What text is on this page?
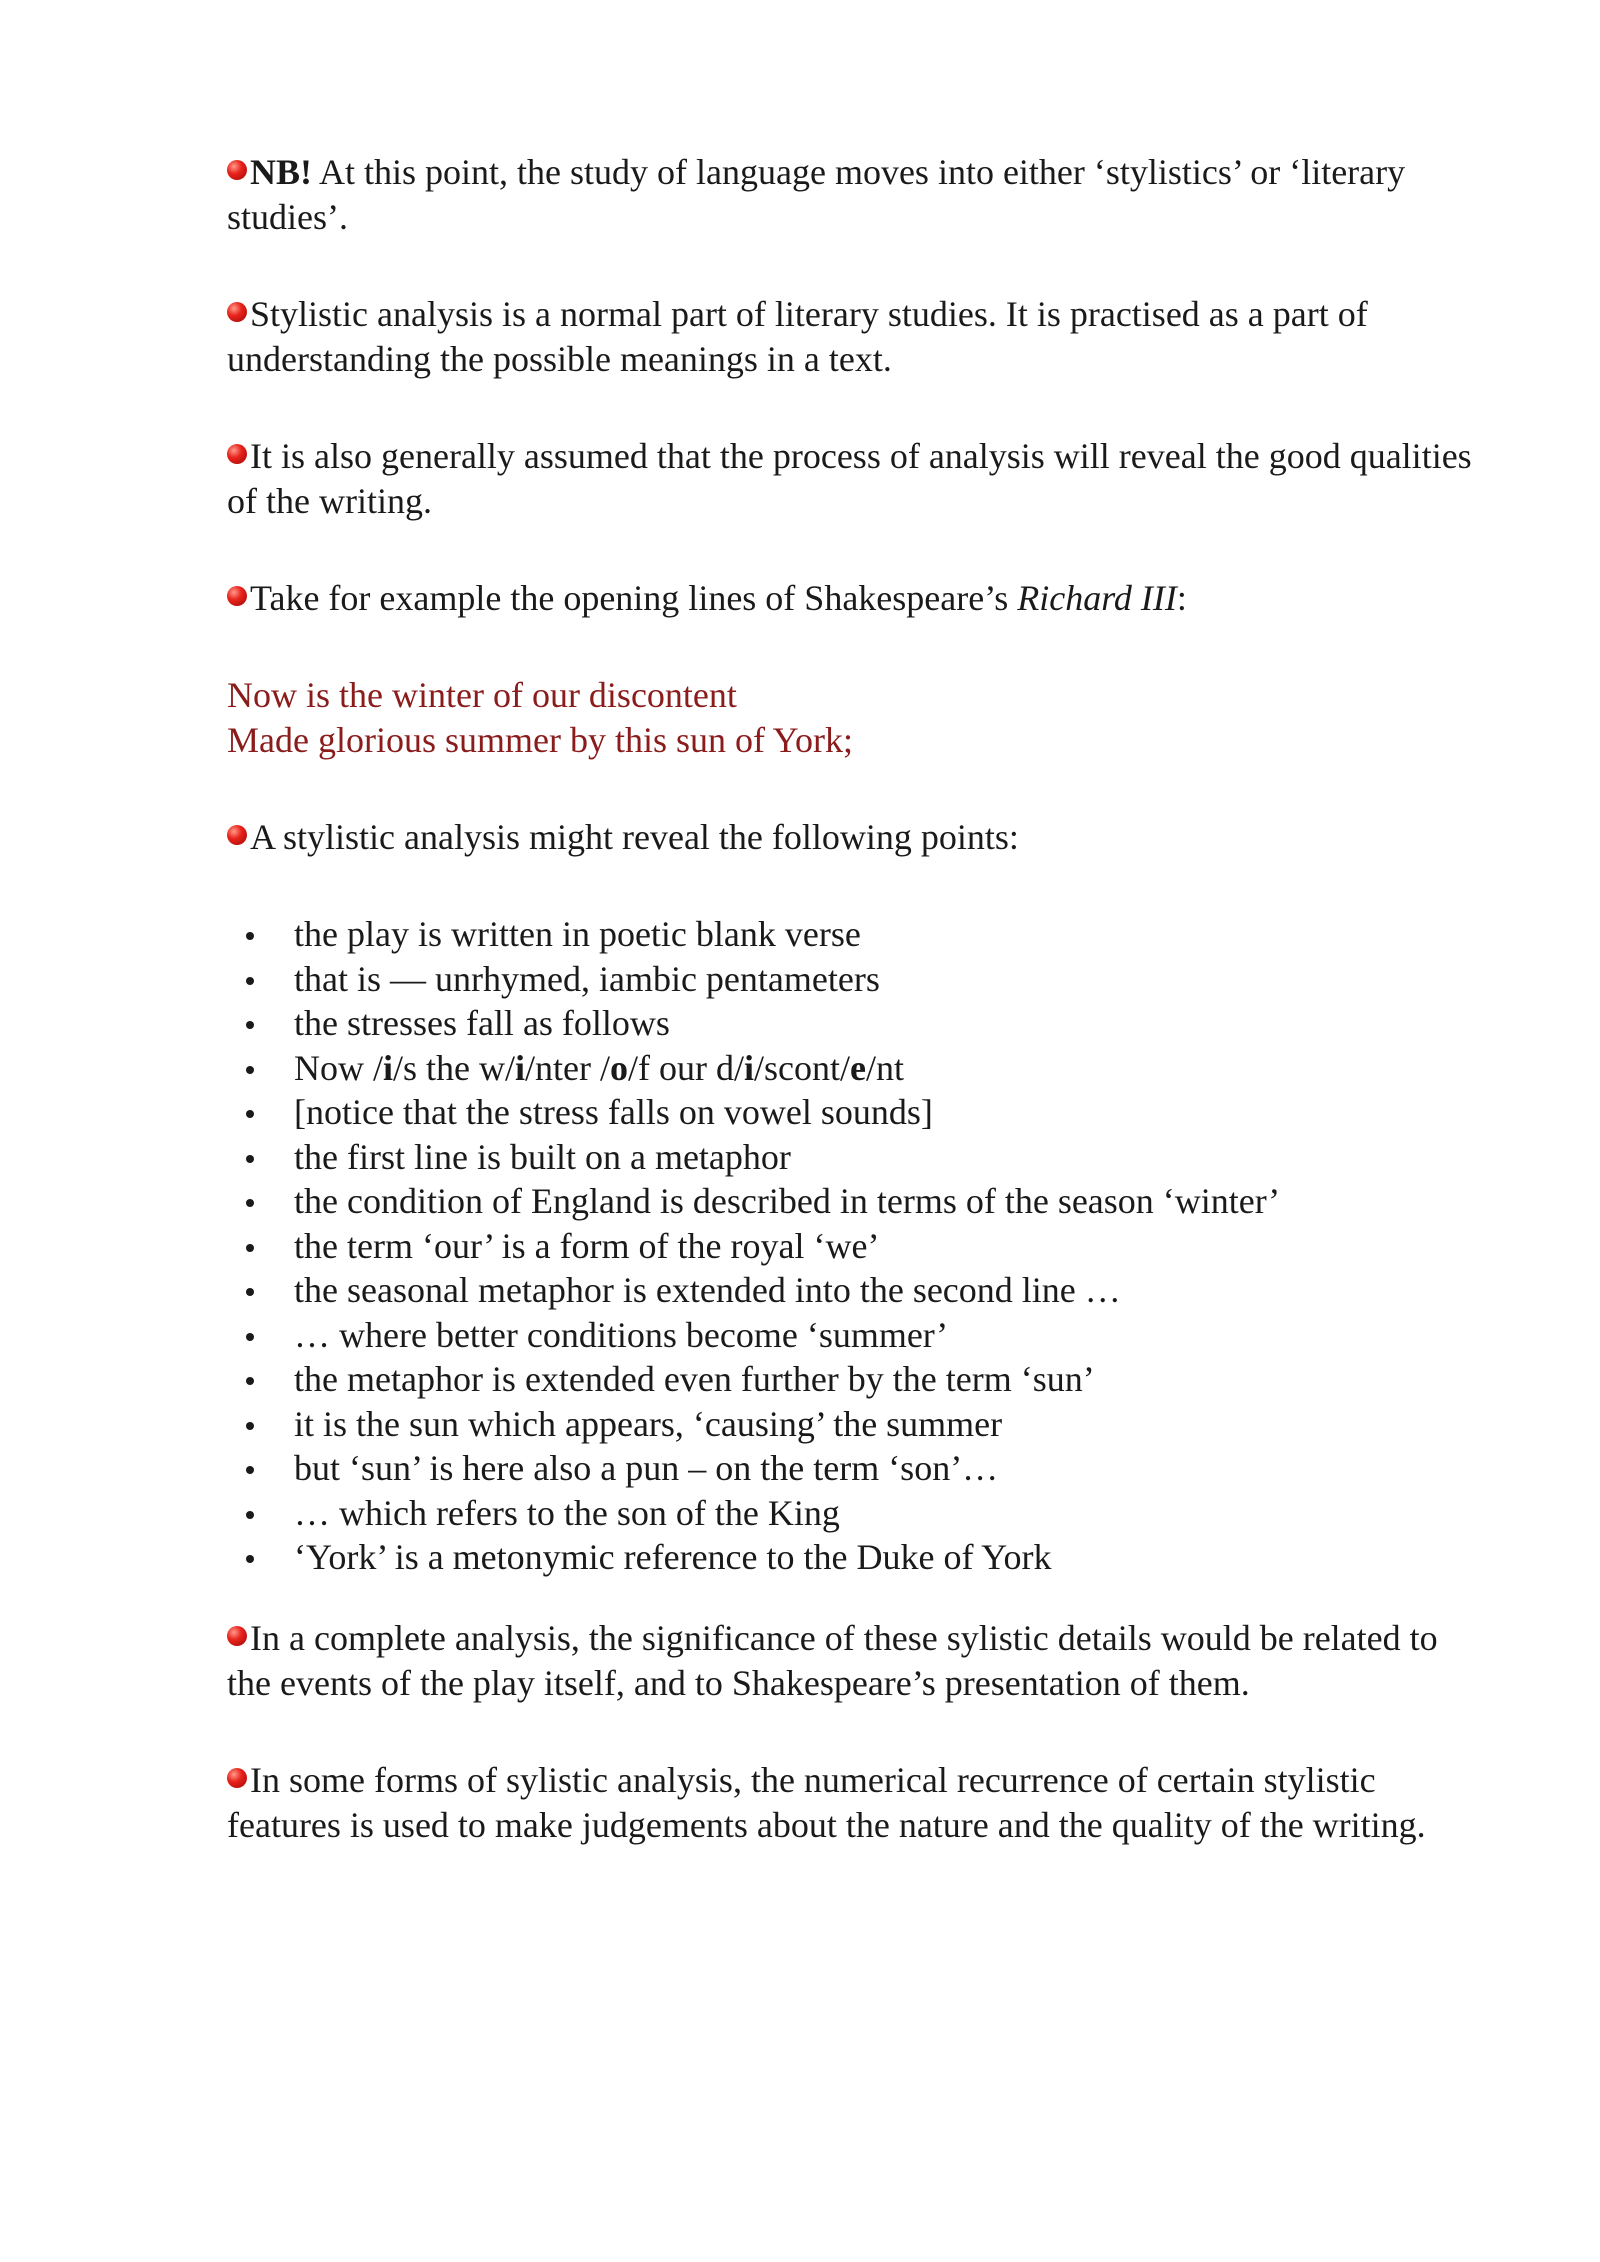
NB! At this point, the study of language moves into either ‘stylistics’ or ‘literary studies’.

Stylistic analysis is a normal part of literary studies. It is practised as a part of understanding the possible meanings in a text.

It is also generally assumed that the process of analysis will reveal the good qualities of the writing.

Take for example the opening lines of Shakespeare’s Richard III:

Now is the winter of our discontent

Made glorious summer by this sun of York;

A stylistic analysis might reveal the following points:

the play is written in poetic blank verse
that is — unrhymed, iambic pentameters
the stresses fall as follows
Now /i/s the w/i/nter /o/f our d/i/scont/e/nt
[notice that the stress falls on vowel sounds]
the first line is built on a metaphor
the condition of England is described in terms of the season ‘winter’
the term ‘our’ is a form of the royal ‘we’
the seasonal metaphor is extended into the second line …
… where better conditions become ‘summer’
the metaphor is extended even further by the term ‘sun’
it is the sun which appears, ‘causing’ the summer
but ‘sun’ is here also a pun – on the term ‘son’…
… which refers to the son of the King
‘York’ is a metonymic reference to the Duke of York

In a complete analysis, the significance of these sylistic details would be related to the events of the play itself, and to Shakespeare’s presentation of them.

In some forms of sylistic analysis, the numerical recurrence of certain stylistic features is used to make judgements about the nature and the quality of the writing.
